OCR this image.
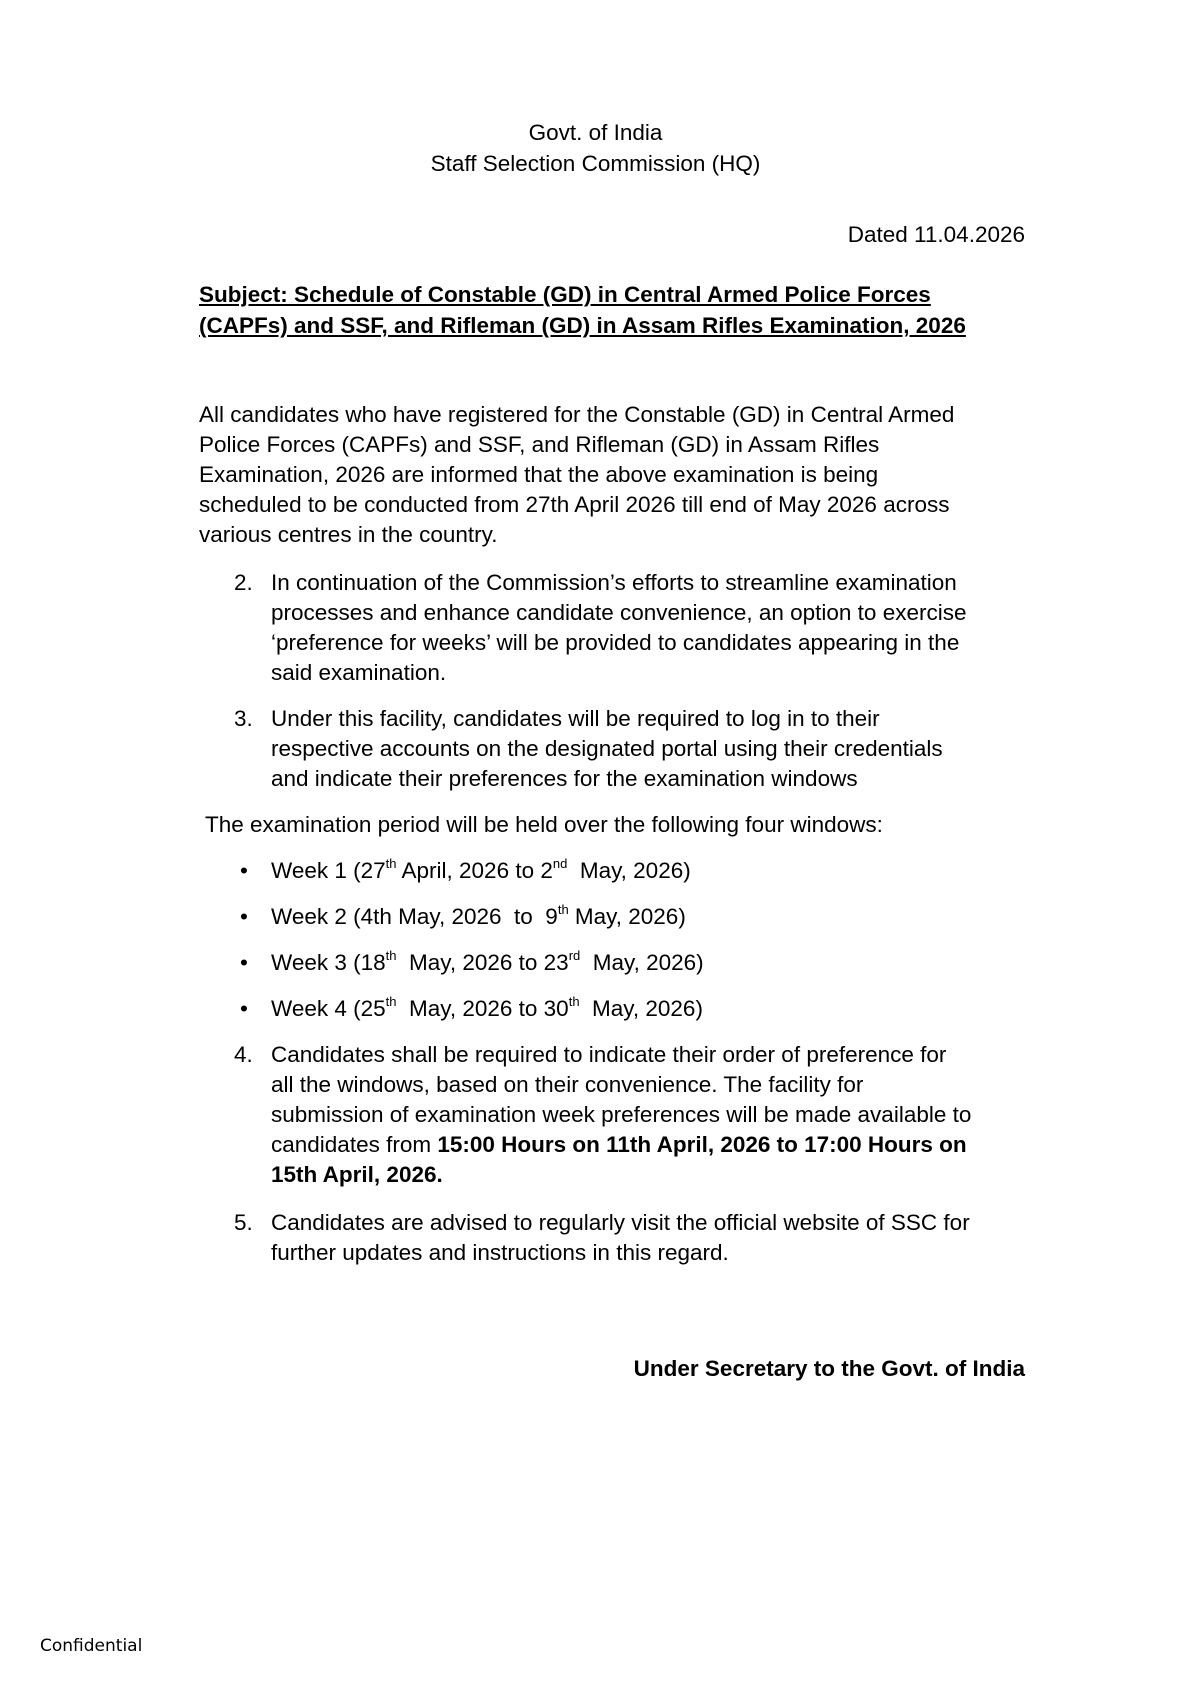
Govt. of India
Staff Selection Commission (HQ)
Dated 11.04.2026
Subject: Schedule of Constable (GD) in Central Armed Police Forces
(CAPFs) and SSF, and Rifleman (GD) in Assam Rifles Examination, 2026
All candidates who have registered for the Constable (GD) in Central Armed
Police Forces (CAPFs) and SSF, and Rifleman (GD) in Assam Rifles
Examination, 2026 are informed that the above examination is being
scheduled to be conducted from 27th April 2026 till end of May 2026 across
various centres in the country.
2. In continuation of the Commission’s efforts to streamline examination
processes and enhance candidate convenience, an option to exercise
‘preference for weeks’ will be provided to candidates appearing in the
said examination.
3. Under this facility, candidates will be required to log in to their
respective accounts on the designated portal using their credentials
and indicate their preferences for the examination windows
The examination period will be held over the following four windows:
• Week 1 (27th April, 2026 to 2nd  May, 2026)
• Week 2 (4th May, 2026  to  9th May, 2026)
• Week 3 (18th  May, 2026 to 23rd  May, 2026)
• Week 4 (25th  May, 2026 to 30th  May, 2026)
4. Candidates shall be required to indicate their order of preference for
all the windows, based on their convenience. The facility for
submission of examination week preferences will be made available to
candidates from 15:00 Hours on 11th April, 2026 to 17:00 Hours on
15th April, 2026.
5. Candidates are advised to regularly visit the official website of SSC for
further updates and instructions in this regard.
Under Secretary to the Govt. of India
Confidential
